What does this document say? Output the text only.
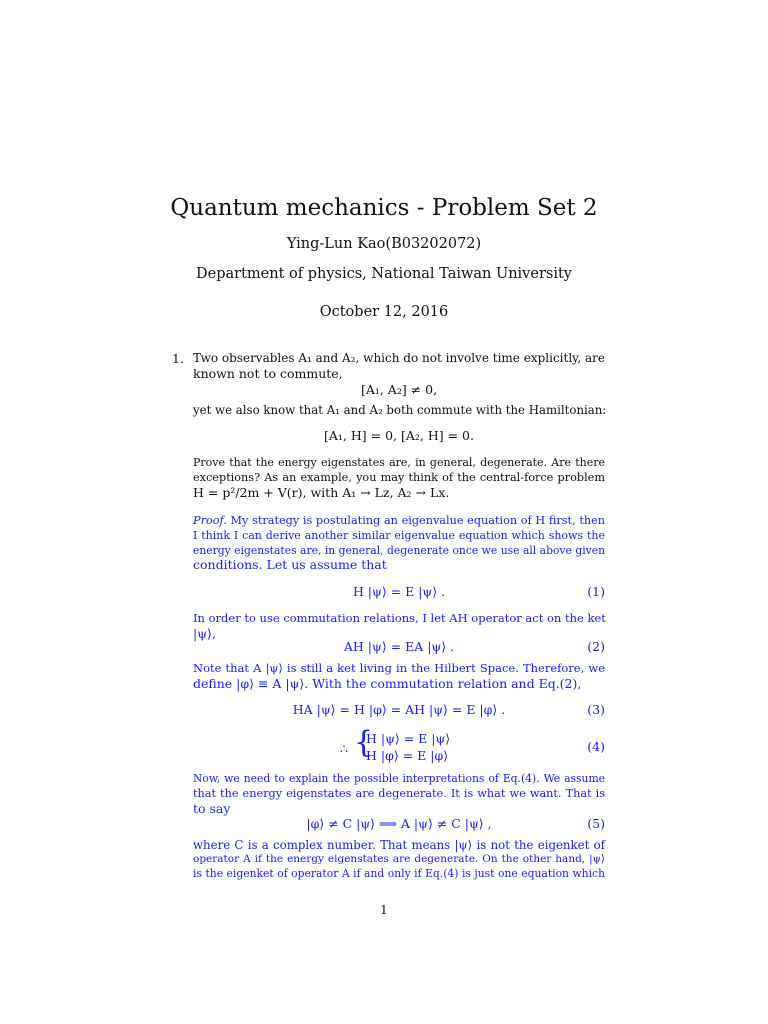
Quantum mechanics - Problem Set 2
Ying-Lun Kao(B03202072)
Department of physics, National Taiwan University
October 12, 2016
1. Two observables A₁ and A₂, which do not involve time explicitly, are
known not to commute,
[A₁, A₂] ≠ 0,
yet we also know that A₁ and A₂ both commute with the Hamiltonian:
[A₁, H] = 0, [A₂, H] = 0.
Prove that the energy eigenstates are, in general, degenerate. Are there
exceptions? As an example, you may think of the central-force problem
H = p²/2m + V(r), with A₁ → Lz, A₂ → Lx.
Proof. My strategy is postulating an eigenvalue equation of H first, then
I think I can derive another similar eigenvalue equation which shows the
energy eigenstates are, in general, degenerate once we use all above given
conditions. Let us assume that
H |ψ⟩ = E |ψ⟩ .	(1)
In order to use commutation relations, I let AH operator act on the ket
|ψ⟩,
AH |ψ⟩ = EA |ψ⟩ .	(2)
Note that A |ψ⟩ is still a ket living in the Hilbert Space. Therefore, we
define |φ⟩ ≡ A |ψ⟩. With the commutation relation and Eq.(2),
HA |ψ⟩ = H |φ⟩ = AH |ψ⟩ = E |φ⟩ .	(3)
∴ {
H |ψ⟩ = E |ψ⟩
H |φ⟩ = E |φ⟩
(4)
Now, we need to explain the possible interpretations of Eq.(4). We assume
that the energy eigenstates are degenerate. It is what we want. That is
to say
|φ⟩ ≠ C |ψ⟩ ⟹ A |ψ⟩ ≠ C |ψ⟩ ,	(5)
where C is a complex number. That means |ψ⟩ is not the eigenket of
operator A if the energy eigenstates are degenerate. On the other hand, |ψ⟩
is the eigenket of operator A if and only if Eq.(4) is just one equation which
1
